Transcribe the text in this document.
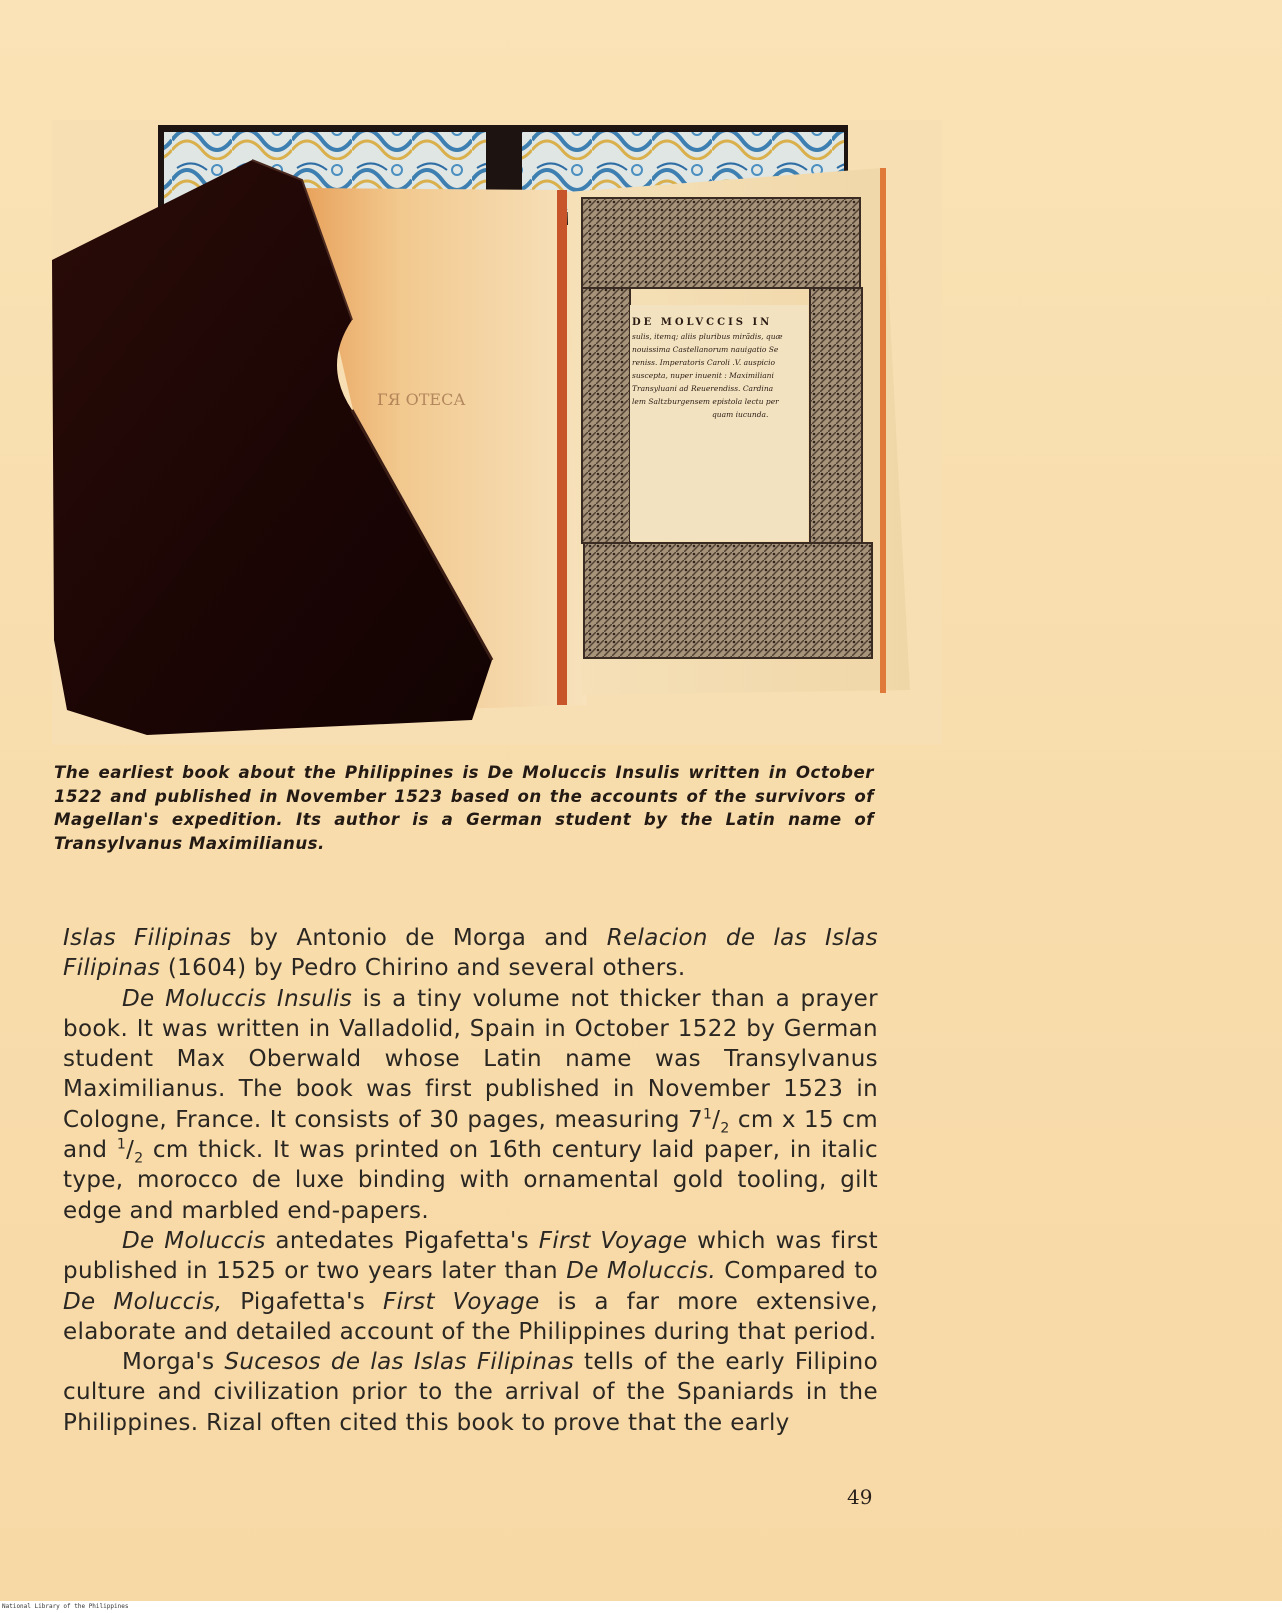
ГЯ ОТЕСА
DE MOLVCCIS IN
sulis, itemq; aliis pluribus mirãdis, quæ
nouissima Castellanorum nauigatio Se
reniss. Imperatoris Caroli .V. auspicio
suscepta, nuper inuenit : Maximiliani
Transyluani ad Reuerendiss. Cardina
lem Saltzburgensem epistola lectu per
quam iucunda.

The earliest book about the Philippines is De Moluccis Insulis written in October 1522 and published in November 1523 based on the accounts of the survivors of Magellan's expedition. Its author is a German student by the Latin name of Transylvanus Maximilianus.

Islas Filipinas by Antonio de Morga and Relacion de las Islas Filipinas (1604) by Pedro Chirino and several others.

De Moluccis Insulis is a tiny volume not thicker than a prayer book. It was written in Valladolid, Spain in October 1522 by German student Max Oberwald whose Latin name was Transylvanus Maximilianus. The book was first published in November 1523 in Cologne, France. It consists of 30 pages, measuring $7^1/_2$ cm x 15 cm and $^1/_2$ cm thick. It was printed on 16th century laid paper, in italic type, morocco de luxe binding with ornamental gold tooling, gilt edge and marbled end-papers.

De Moluccis antedates Pigafetta's First Voyage which was first published in 1525 or two years later than De Moluccis. Compared to De Moluccis, Pigafetta's First Voyage is a far more extensive, elaborate and detailed account of the Philippines during that period.

Morga's Sucesos de las Islas Filipinas tells of the early Filipino culture and civilization prior to the arrival of the Spaniards in the Philippines. Rizal often cited this book to prove that the early

49
National Library of the Philippines
